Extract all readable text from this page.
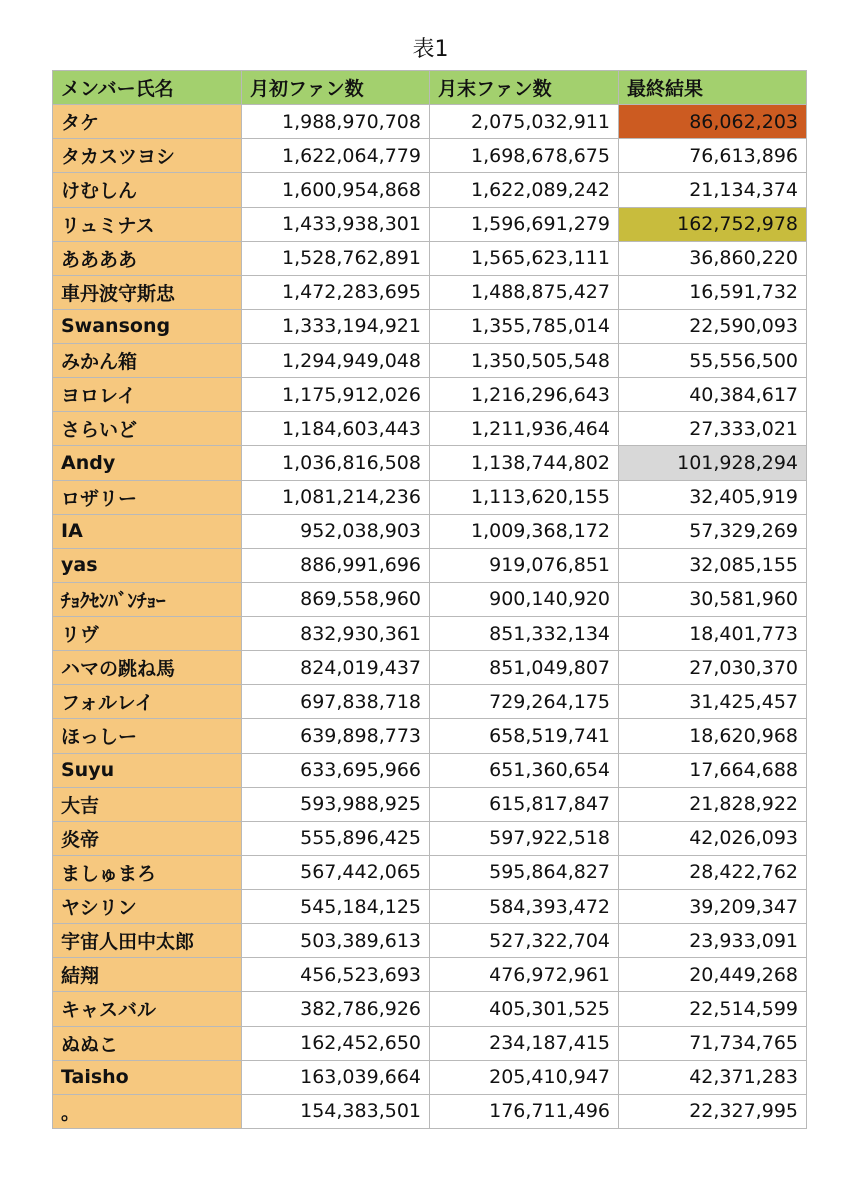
表1
メンバー氏名	月初ファン数	月末ファン数	最終結果
タケ	1,988,970,708	2,075,032,911	86,062,203
タカスツヨシ	1,622,064,779	1,698,678,675	76,613,896
けむしん	1,600,954,868	1,622,089,242	21,134,374
リュミナス	1,433,938,301	1,596,691,279	162,752,978
ああああ	1,528,762,891	1,565,623,111	36,860,220
車丹波守斯忠	1,472,283,695	1,488,875,427	16,591,732
Swansong	1,333,194,921	1,355,785,014	22,590,093
みかん箱	1,294,949,048	1,350,505,548	55,556,500
ヨロレイ	1,175,912,026	1,216,296,643	40,384,617
さらいど	1,184,603,443	1,211,936,464	27,333,021
Andy	1,036,816,508	1,138,744,802	101,928,294
ロザリー	1,081,214,236	1,113,620,155	32,405,919
IA	952,038,903	1,009,368,172	57,329,269
yas	886,991,696	919,076,851	32,085,155
ﾁｮｸｾﾝﾊﾞﾝﾁｮｰ	869,558,960	900,140,920	30,581,960
リヴ	832,930,361	851,332,134	18,401,773
ハマの跳ね馬	824,019,437	851,049,807	27,030,370
フォルレイ	697,838,718	729,264,175	31,425,457
ほっしー	639,898,773	658,519,741	18,620,968
Suyu	633,695,966	651,360,654	17,664,688
大吉	593,988,925	615,817,847	21,828,922
炎帝	555,896,425	597,922,518	42,026,093
ましゅまろ	567,442,065	595,864,827	28,422,762
ヤシリン	545,184,125	584,393,472	39,209,347
宇宙人田中太郎	503,389,613	527,322,704	23,933,091
結翔	456,523,693	476,972,961	20,449,268
キャスバル	382,786,926	405,301,525	22,514,599
ぬぬこ	162,452,650	234,187,415	71,734,765
Taisho	163,039,664	205,410,947	42,371,283
。	154,383,501	176,711,496	22,327,995
